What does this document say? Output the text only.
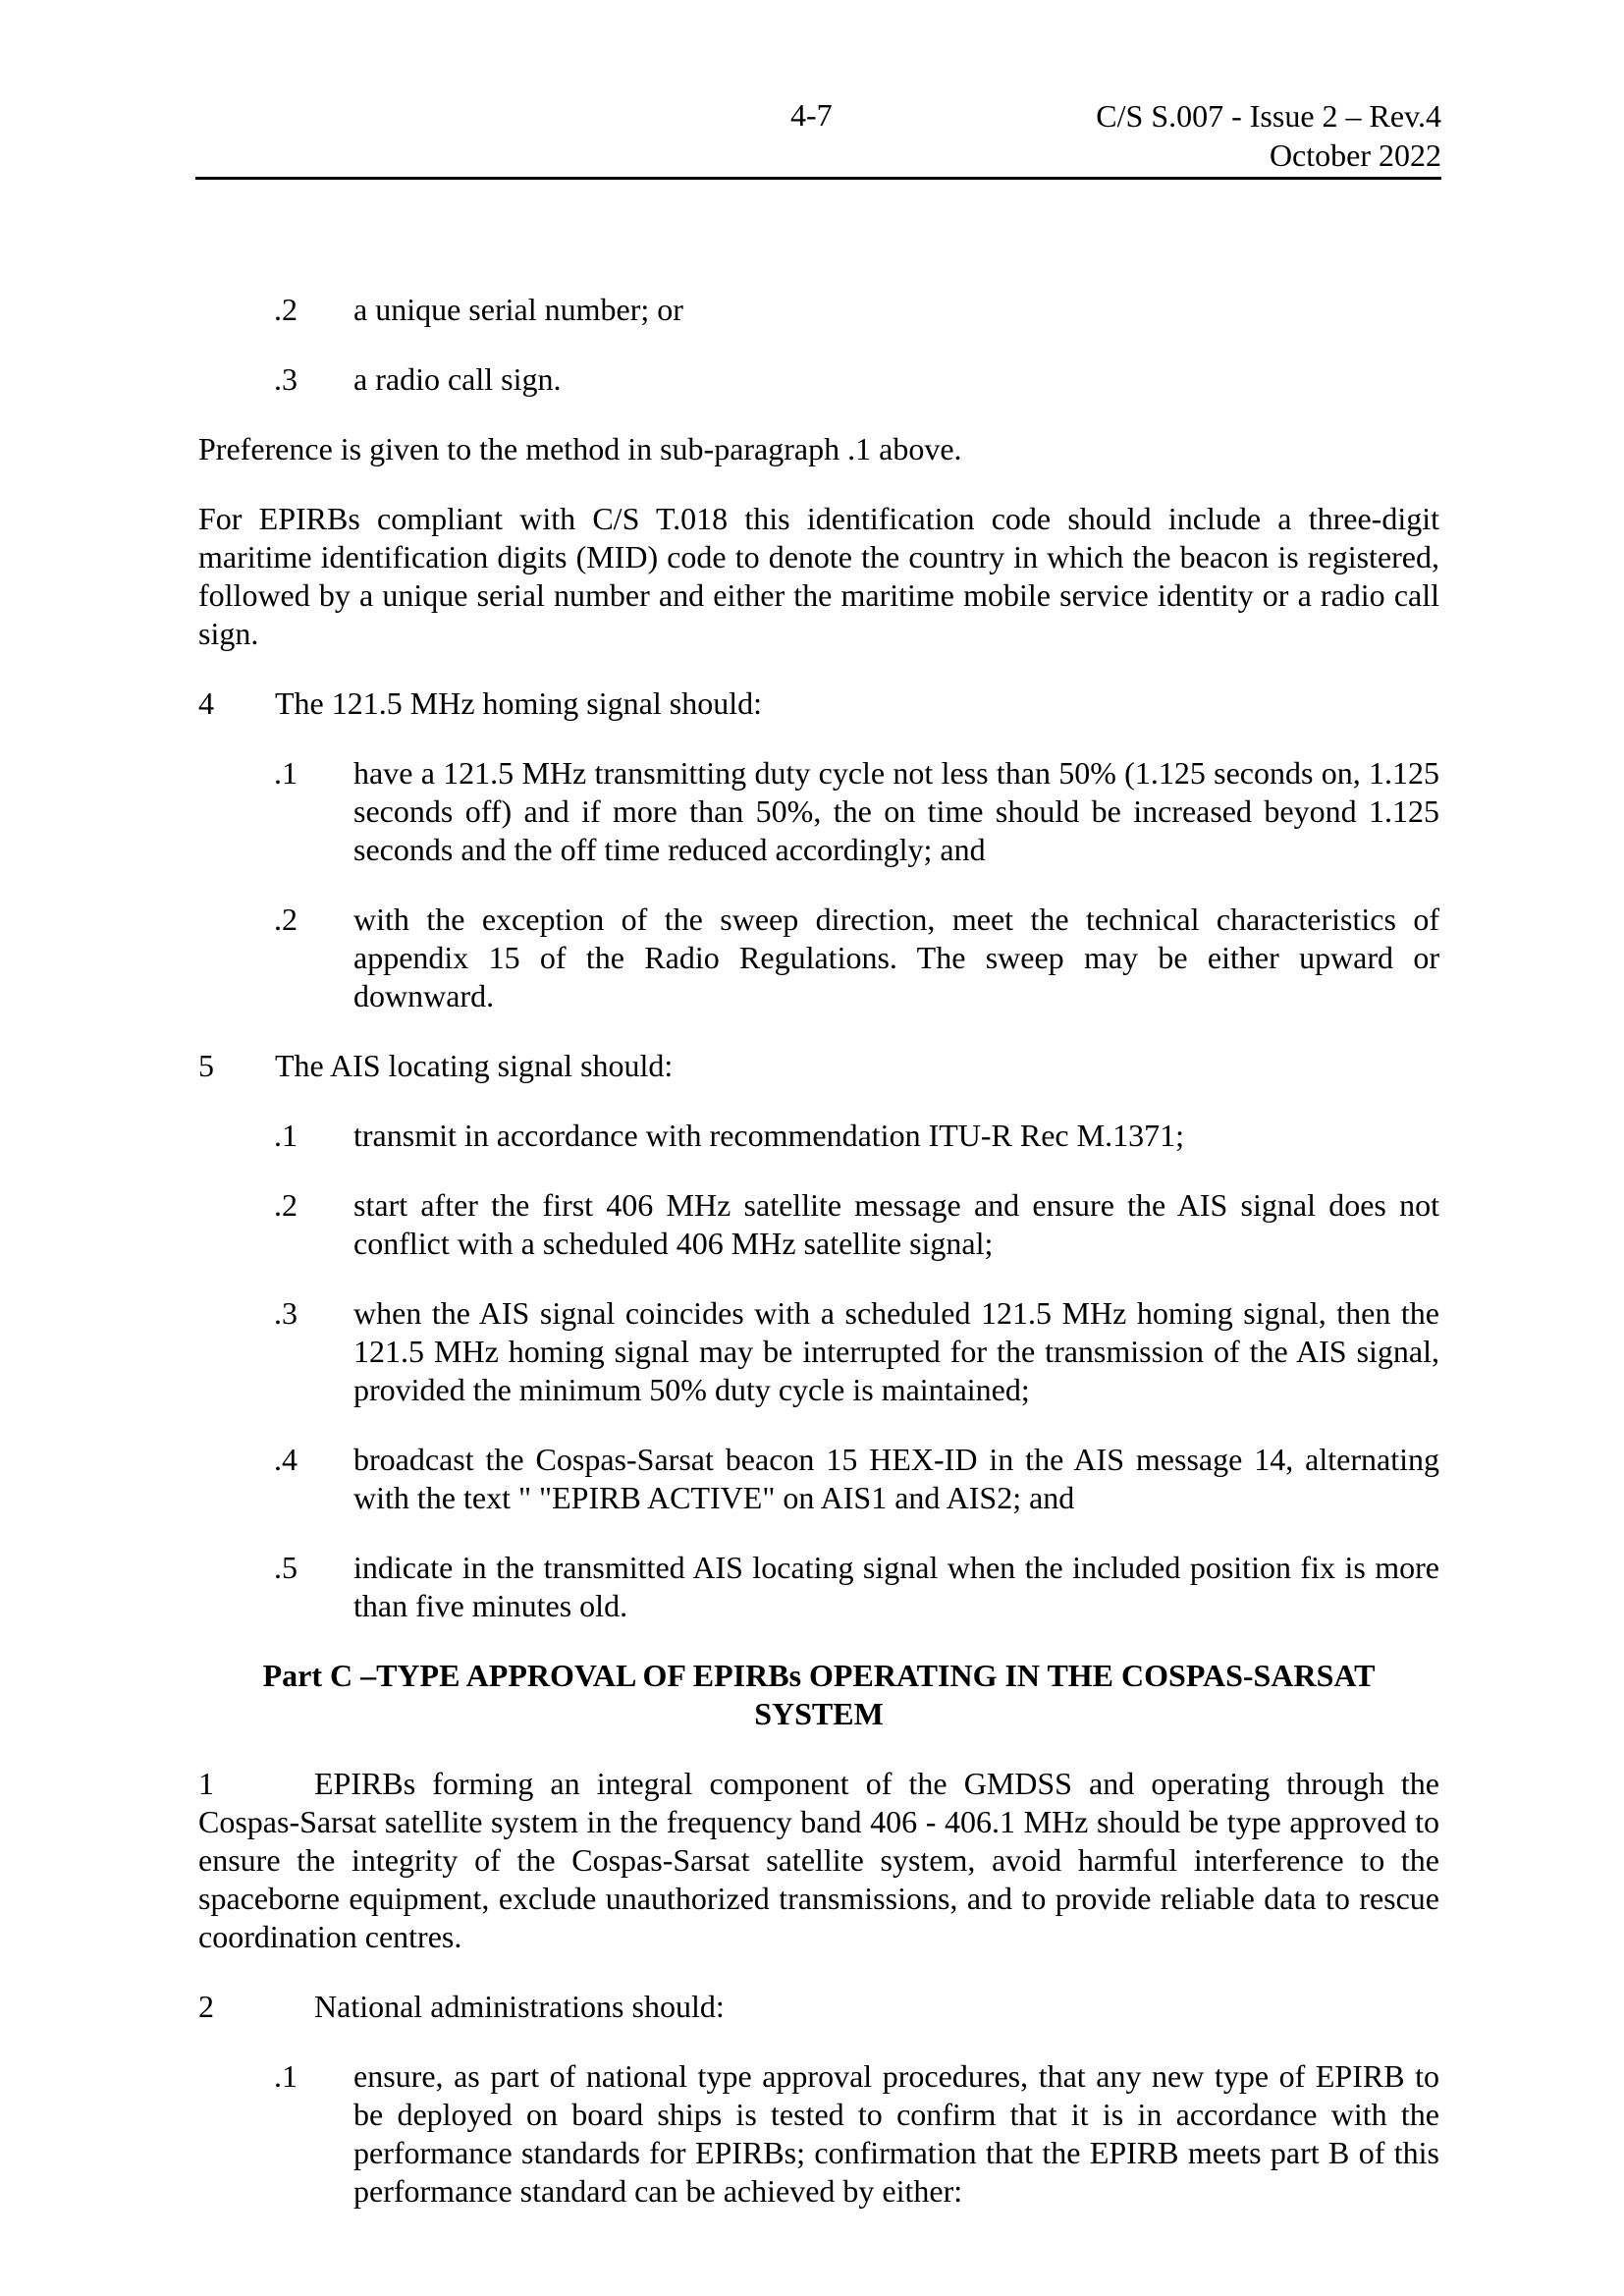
4-7	C/S S.007 - Issue 2 – Rev.4
October 2022
.2 a unique serial number; or

.3 a radio call sign.

Preference is given to the method in sub-paragraph .1 above.

For EPIRBs compliant with C/S T.018 this identification code should include a three-digit maritime identification digits (MID) code to denote the country in which the beacon is registered, followed by a unique serial number and either the maritime mobile service identity or a radio call sign.

4 The 121.5 MHz homing signal should:

.1 have a 121.5 MHz transmitting duty cycle not less than 50% (1.125 seconds on, 1.125 seconds off) and if more than 50%, the on time should be increased beyond 1.125 seconds and the off time reduced accordingly; and

.2 with the exception of the sweep direction, meet the technical characteristics of appendix 15 of the Radio Regulations. The sweep may be either upward or downward.

5 The AIS locating signal should:

.1 transmit in accordance with recommendation ITU-R Rec M.1371;

.2 start after the first 406 MHz satellite message and ensure the AIS signal does not conflict with a scheduled 406 MHz satellite signal;

.3 when the AIS signal coincides with a scheduled 121.5 MHz homing signal, then the 121.5 MHz homing signal may be interrupted for the transmission of the AIS signal, provided the minimum 50% duty cycle is maintained;

.4 broadcast the Cospas-Sarsat beacon 15 HEX-ID in the AIS message 14, alternating with the text " "EPIRB ACTIVE" on AIS1 and AIS2; and

.5 indicate in the transmitted AIS locating signal when the included position fix is more than five minutes old.

Part C –TYPE APPROVAL OF EPIRBs OPERATING IN THE COSPAS-SARSAT SYSTEM

1	EPIRBs forming an integral component of the GMDSS and operating through the Cospas-Sarsat satellite system in the frequency band 406 - 406.1 MHz should be type approved to ensure the integrity of the Cospas-Sarsat satellite system, avoid harmful interference to the spaceborne equipment, exclude unauthorized transmissions, and to provide reliable data to rescue coordination centres.

2	National administrations should:

.1 ensure, as part of national type approval procedures, that any new type of EPIRB to be deployed on board ships is tested to confirm that it is in accordance with the performance standards for EPIRBs; confirmation that the EPIRB meets part B of this performance standard can be achieved by either:
